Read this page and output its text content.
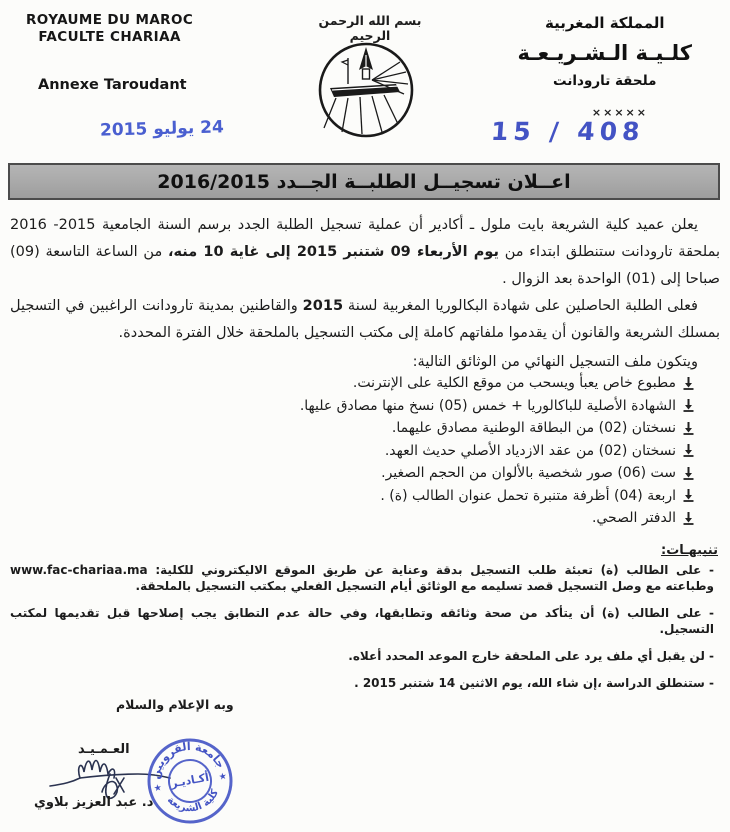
ROYAUME DU MAROC
FACULTE CHARIAA
Annexe Taroudant
24 يوليو 2015
بسم الله الرحمن الرحيم
المملكة المغربية
كلـيـة الـشـريـعـة
ملحقة تارودانت
×××××
15 / 408
اعــلان تسجيــل الطلبــة الجــدد 2016/2015

يعلن عميد كلية الشريعة بايت ملول ـ أكادير أن عملية تسجيل الطلبة الجدد برسم السنة الجامعية 2015- 2016 بملحقة تارودانت ستنطلق ابتداء من يوم الأربعاء 09 شتنبر 2015 إلى غاية 10 منه، من الساعة التاسعة (09) صباحا إلى (01) الواحدة بعد الزوال .

فعلى الطلبة الحاصلين على شهادة البكالوريا المغربية لسنة 2015 والقاطنين بمدينة تارودانت الراغبين في التسجيل بمسلك الشريعة والقانون أن يقدموا ملفاتهم كاملة إلى مكتب التسجيل بالملحقة خلال الفترة المحددة.

ويتكون ملف التسجيل النهائي من الوثائق التالية:

مطبوع خاص يعبأ ويسحب من موقع الكلية على الإنترنت.
الشهادة الأصلية للباكالوريا + خمس (05) نسخ منها مصادق عليها.
نسختان (02) من البطاقة الوطنية مصادق عليهما.
نسختان (02) من عقد الازدياد الأصلي حديث العهد.
ست (06) صور شخصية بالألوان من الحجم الصغير.
اربعة (04) أظرفة متنبرة تحمل عنوان الطالب (ة) .
الدفتر الصحي.
تنبيهـات:

- على الطالب (ة) تعبئة طلب التسجيل بدقة وعناية عن طريق الموقع الاليكتروني للكلية: www.fac-chariaa.ma وطباعته مع وصل التسجيل قصد تسليمه مع الوثائق أيام التسجيل الفعلي بمكتب التسجيل بالملحقة.

- على الطالب (ة) أن يتأكد من صحة وثائقه وتطابقها، وفي حالة عدم التطابق يجب إصلاحها قبل تقديمها لمكتب التسجيل.

- لن يقبل أي ملف يرد على الملحقة خارج الموعد المحدد أعلاه.

- ستنطلق الدراسة ،إن شاء الله، يوم الاثنين 14 شتنبر 2015 .

وبه الإعلام والسلام
العـمـيـد
د. عبد العزيز بلاوي
جامعة القرويين
كلية الشريعة
أكـاديـر
★
★
